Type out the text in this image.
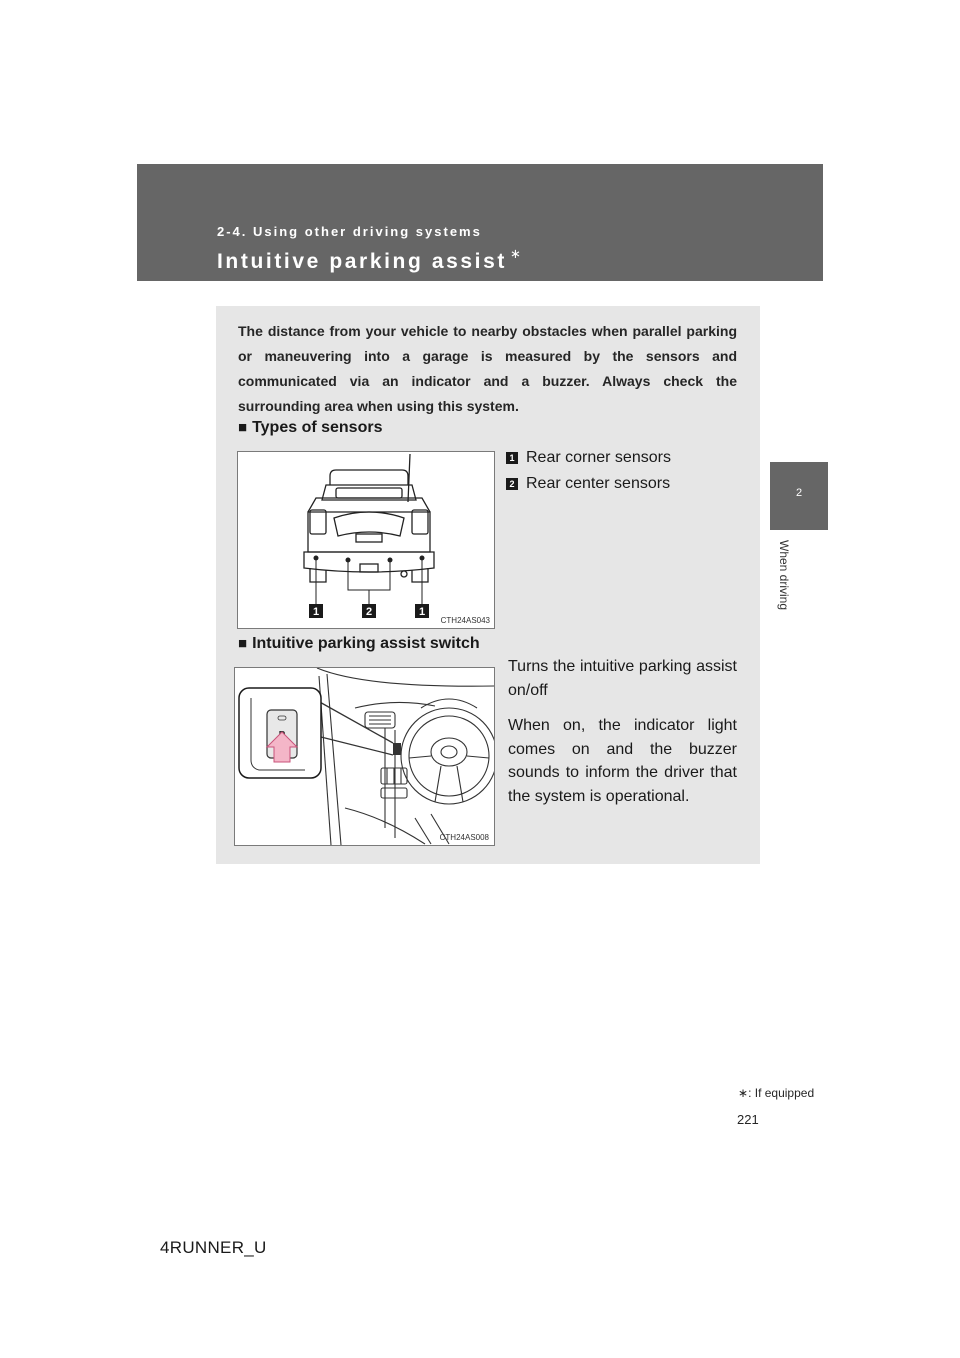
2-4. Using other driving systems
Intuitive parking assist ∗
2
When driving

The distance from your vehicle to nearby obstacles when parallel parking or maneuvering into a garage is measured by the sensors and communicated via an indicator and a buzzer. Always check the surrounding area when using this system.

■ Types of sensors
1	2	1
CTH24AS043
1 Rear corner sensors
2 Rear center sensors
■ Intuitive parking assist switch
CTH24AS008

Turns the intuitive parking assist on/off

When on, the indicator light comes on and the buzzer sounds to inform the driver that the system is operational.

∗: If equipped
221
4RUNNER_U
